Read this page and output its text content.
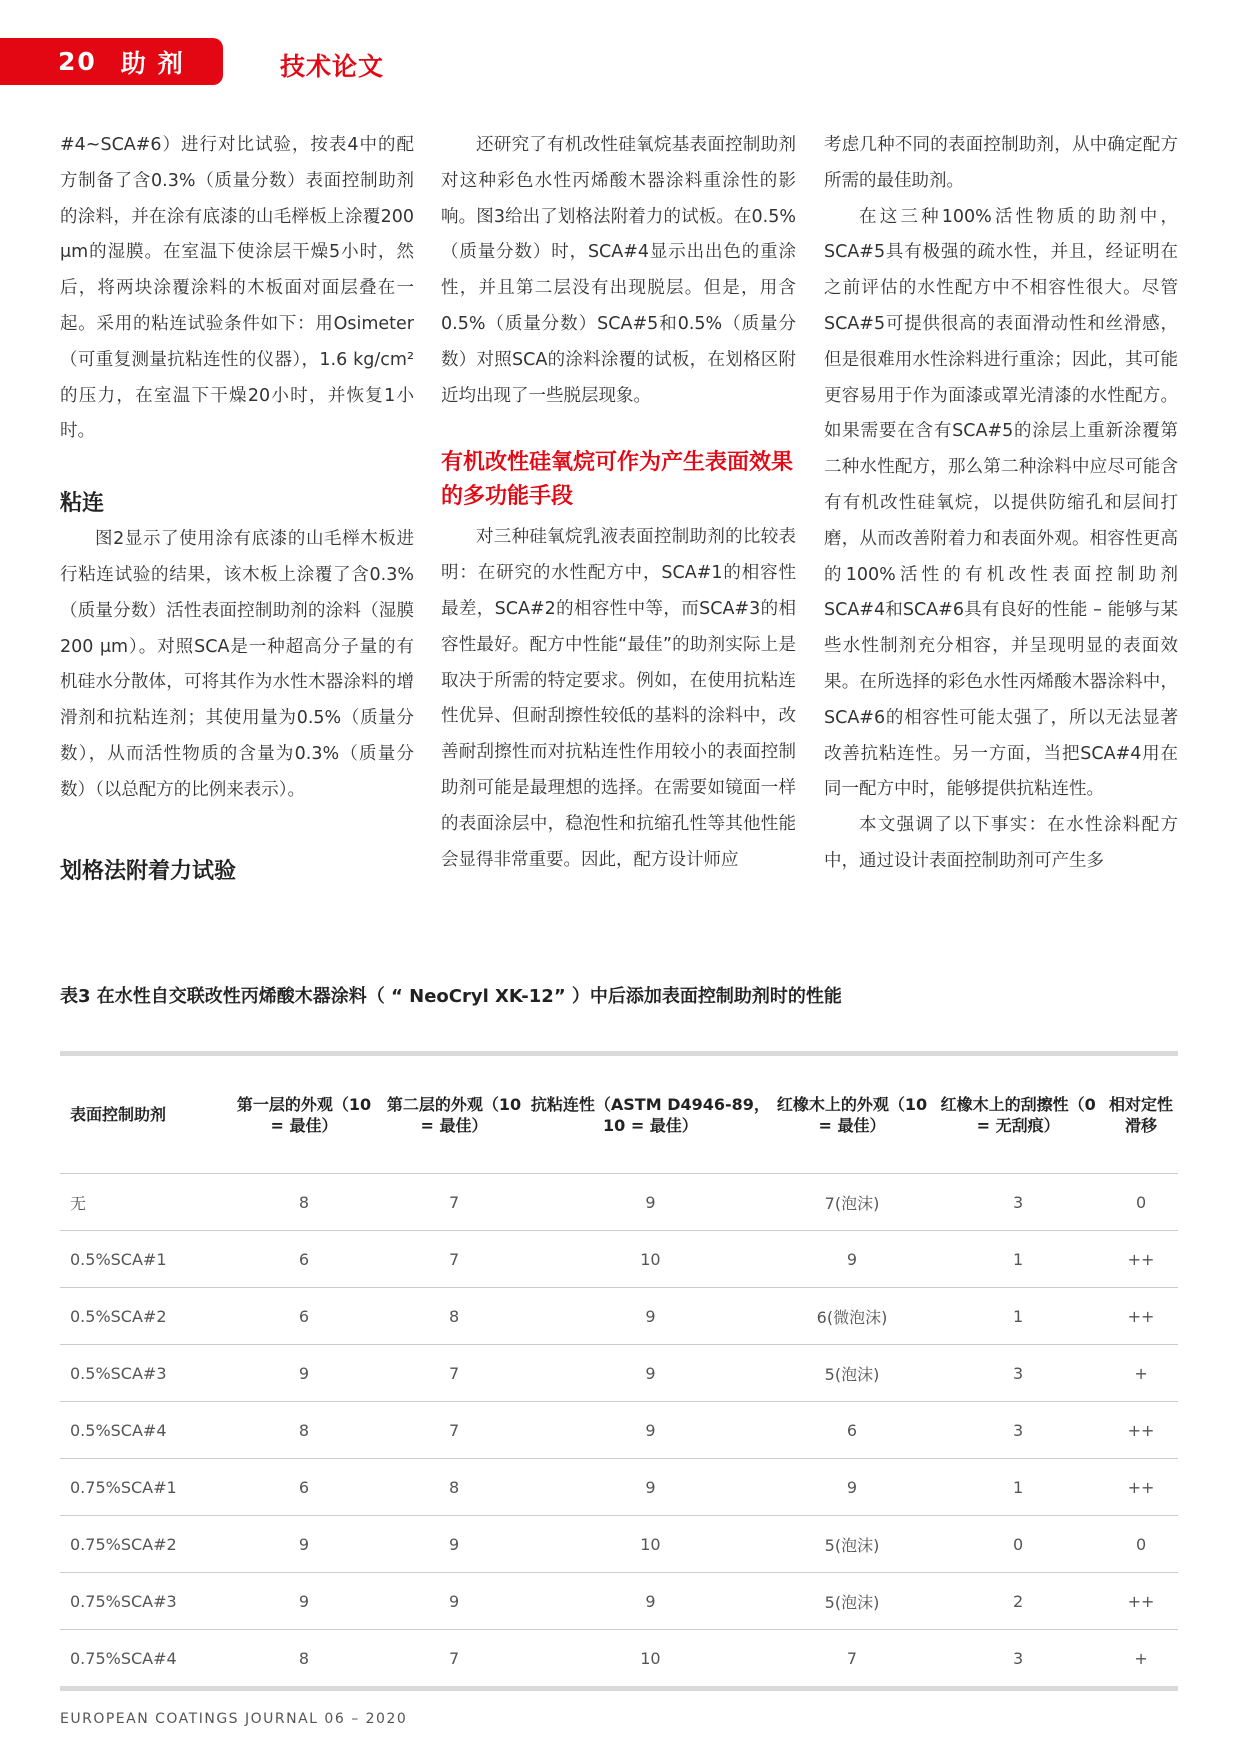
20 助剂	技术论文

#4~SCA#6）进行对比试验，按表4中的配方制备了含0.3%（质量分数）表面控制助剂的涂料，并在涂有底漆的山毛榉板上涂覆200 μm的湿膜。在室温下使涂层干燥5小时，然后，将两块涂覆涂料的木板面对面层叠在一起。采用的粘连试验条件如下：用Osimeter（可重复测量抗粘连性的仪器），1.6 kg/cm²的压力，在室温下干燥20小时，并恢复1小时。

粘连

图2显示了使用涂有底漆的山毛榉木板进行粘连试验的结果，该木板上涂覆了含0.3%（质量分数）活性表面控制助剂的涂料（湿膜200 μm）。对照SCA是一种超高分子量的有机硅水分散体，可将其作为水性木器涂料的增滑剂和抗粘连剂；其使用量为0.5%（质量分数），从而活性物质的含量为0.3%（质量分数）（以总配方的比例来表示）。

划格法附着力试验

还研究了有机改性硅氧烷基表面控制助剂对这种彩色水性丙烯酸木器涂料重涂性的影响。图3给出了划格法附着力的试板。在0.5%（质量分数）时，SCA#4显示出出色的重涂性，并且第二层没有出现脱层。但是，用含0.5%（质量分数）SCA#5和0.5%（质量分数）对照SCA的涂料涂覆的试板，在划格区附近均出现了一些脱层现象。

有机改性硅氧烷可作为产生表面效果的多功能手段

对三种硅氧烷乳液表面控制助剂的比较表明：在研究的水性配方中，SCA#1的相容性最差，SCA#2的相容性中等，而SCA#3的相容性最好。配方中性能“最佳”的助剂实际上是取决于所需的特定要求。例如，在使用抗粘连性优异、但耐刮擦性较低的基料的涂料中，改善耐刮擦性而对抗粘连性作用较小的表面控制助剂可能是最理想的选择。在需要如镜面一样的表面涂层中，稳泡性和抗缩孔性等其他性能会显得非常重要。因此，配方设计师应

考虑几种不同的表面控制助剂，从中确定配方所需的最佳助剂。

在这三种100%活性物质的助剂中，SCA#5具有极强的疏水性，并且，经证明在之前评估的水性配方中不相容性很大。尽管SCA#5可提供很高的表面滑动性和丝滑感，但是很难用水性涂料进行重涂；因此，其可能更容易用于作为面漆或罩光清漆的水性配方。如果需要在含有SCA#5的涂层上重新涂覆第二种水性配方，那么第二种涂料中应尽可能含有有机改性硅氧烷，以提供防缩孔和层间打磨，从而改善附着力和表面外观。相容性更高的100%活性的有机改性表面控制助剂SCA#4和SCA#6具有良好的性能 – 能够与某些水性制剂充分相容，并呈现明显的表面效果。在所选择的彩色水性丙烯酸木器涂料中，SCA#6的相容性可能太强了，所以无法显著改善抗粘连性。另一方面，当把SCA#4用在同一配方中时，能够提供抗粘连性。

本文强调了以下事实：在水性涂料配方中，通过设计表面控制助剂可产生多

表3 在水性自交联改性丙烯酸木器涂料（ “ NeoCryl XK-12” ）中后添加表面控制助剂时的性能
表面控制助剂	第一层的外观（10 = 最佳）	第二层的外观（10 = 最佳）	抗粘连性（ASTM D4946-89，10 = 最佳）	红橡木上的外观（10 = 最佳）	红橡木上的刮擦性（0 = 无刮痕）	相对定性滑移
无	8	7	9	7(泡沫)	3	0
0.5%SCA#1	6	7	10	9	1	++
0.5%SCA#2	6	8	9	6(微泡沫)	1	++
0.5%SCA#3	9	7	9	5(泡沫)	3	+
0.5%SCA#4	8	7	9	6	3	++
0.75%SCA#1	6	8	9	9	1	++
0.75%SCA#2	9	9	10	5(泡沫)	0	0
0.75%SCA#3	9	9	9	5(泡沫)	2	++
0.75%SCA#4	8	7	10	7	3	+
EUROPEAN COATINGS JOURNAL 06 – 2020
